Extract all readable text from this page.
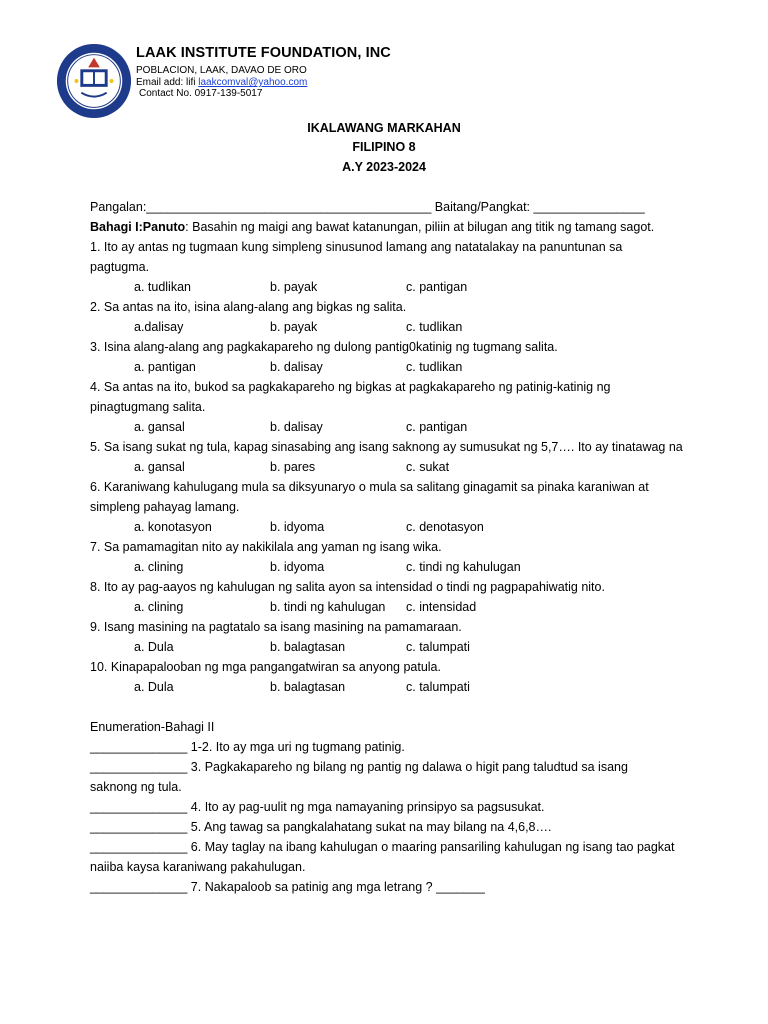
LAAK INSTITUTE FOUNDATION, INC
POBLACION, LAAK, DAVAO DE ORO
Email add: lifi laakcomval@yahoo.com
Contact No. 0917-139-5017
IKALAWANG MARKAHAN
FILIPINO 8
A.Y 2023-2024
Pangalan:_________________________________________ Baitang/Pangkat: ________________
Bahagi I:Panuto: Basahin ng maigi ang bawat katanungan, piliin at bilugan ang titik ng tamang sagot.
1. Ito ay antas ng tugmaan kung simpleng sinusunod lamang ang natatalakay na panuntunan sa
pagtugma.
a. tudlikan	b. payak	c. pantigan
2. Sa antas na ito, isina alang-alang ang bigkas ng salita.
a.dalisay	b. payak	c. tudlikan
3. Isina alang-alang ang pagkakapareho ng dulong pantig0katinig ng tugmang salita.
a. pantigan	b. dalisay	c. tudlikan
4. Sa antas na ito, bukod sa pagkakapareho ng bigkas at pagkakapareho ng patinig-katinig ng
pinagtugmang salita.
a. gansal	b. dalisay	c. pantigan
5. Sa isang sukat ng tula, kapag sinasabing ang isang saknong ay sumusukat ng 5,7…. Ito ay tinatawag na
a. gansal	b. pares	c. sukat
6. Karaniwang kahulugang mula sa diksyunaryo o mula sa salitang ginagamit sa pinaka karaniwan at
simpleng pahayag lamang.
a. konotasyon	b. idyoma	c. denotasyon
7. Sa pamamagitan nito ay nakikilala ang yaman ng isang wika.
a. clining	b. idyoma	c. tindi ng kahulugan
8. Ito ay pag-aayos ng kahulugan ng salita ayon sa intensidad o tindi ng pagpapahiwatig nito.
a. clining	b. tindi ng kahulugan c. intensidad
9. Isang masining na pagtatalo sa isang masining na pamamaraan.
a. Dula	b. balagtasan	c. talumpati
10. Kinapapalooban ng mga pangangatwiran sa anyong patula.
a. Dula	b. balagtasan	c. talumpati
Enumeration-Bahagi II
______________ 1-2. Ito ay mga uri ng tugmang patinig.
______________ 3. Pagkakapareho ng bilang ng pantig ng dalawa o higit pang taludtud sa isang
saknong ng tula.
______________ 4. Ito ay pag-uulit ng mga namayaning prinsipyo sa pagsusukat.
______________ 5. Ang tawag sa pangkalahatang sukat na may bilang na 4,6,8….
______________ 6. May taglay na ibang kahulugan o maaring pansariling kahulugan ng isang tao pagkat
naiiba kaysa karaniwang pakahulugan.
______________ 7. Nakapaloob sa patinig ang mga letrang ? _______
